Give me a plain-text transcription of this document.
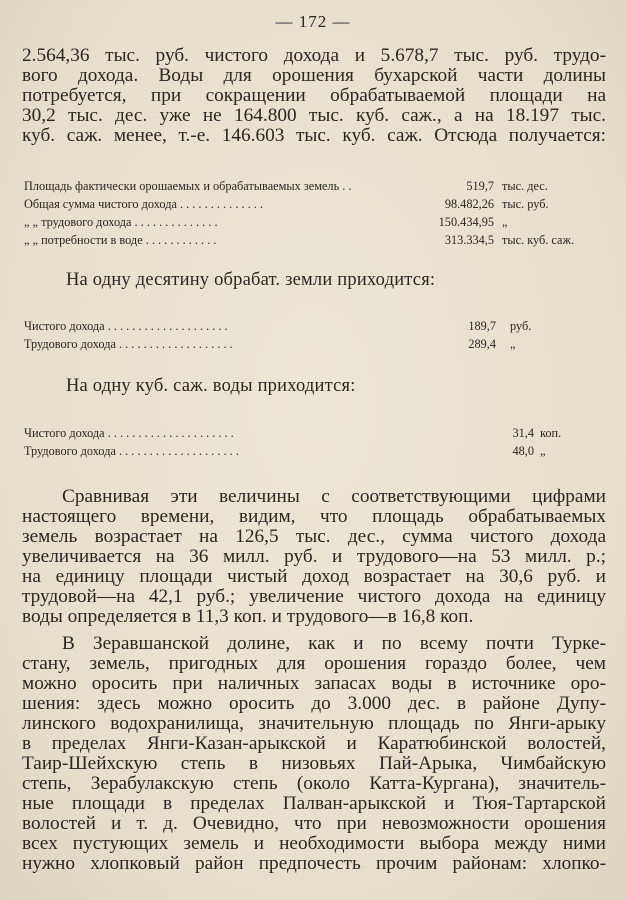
— 172 —
2.564,36 тыс. руб. чистого дохода и 5.678,7 тыс. руб. трудо-
вого дохода. Воды для орошения бухарской части долины
потребуется, при сокращении обрабатываемой площади на
30,2 тыс. дес. уже не 164.800 тыс. куб. саж., а на 18.197 тыс.
куб. саж. менее, т.-е. 146.603 тыс. куб. саж. Отсюда получается:
Площадь фактически орошаемых и обрабатываемых земель . .	519,7 тыс. дес.
Общая сумма чистого дохода . . . . . . . . . . . . . .	98.482,26 тыс. руб.
„ „ трудового дохода . . . . . . . . . . . . . .	150.434,95 „
„ „ потребности в воде . . . . . . . . . . . .	313.334,5 тыс. куб. саж.
На одну десятину обрабат. земли приходится:
Чистого дохода . . . . . . . . . . . . . . . . . . . .	189,7 руб.
Трудового дохода . . . . . . . . . . . . . . . . . . .	289,4 „
На одну куб. саж. воды приходится:
Чистого дохода . . . . . . . . . . . . . . . . . . . . .	31,4 коп.
Трудового дохода . . . . . . . . . . . . . . . . . . . .	48,0 „
Сравнивая эти величины с соответствующими цифрами
настоящего времени, видим, что площадь обрабатываемых
земель возрастает на 126,5 тыс. дес., сумма чистого дохода
увеличивается на 36 милл. руб. и трудового—на 53 милл. р.;
на единицу площади чистый доход возрастает на 30,6 руб. и
трудовой—на 42,1 руб.; увеличение чистого дохода на единицу
воды определяется в 11,3 коп. и трудового—в 16,8 коп.
В Зеравшанской долине, как и по всему почти Турке-
стану, земель, пригодных для орошения гораздо более, чем
можно оросить при наличных запасах воды в источнике оро-
шения: здесь можно оросить до 3.000 дес. в районе Дупу-
линского водохранилища, значительную площадь по Янги-арыку
в пределах Янги-Казан-арыкской и Каратюбинской волостей,
Таир-Шейхскую степь в низовьях Пай-Арыка, Чимбайскую
степь, Зерабулакскую степь (около Катта-Кургана), значитель-
ные площади в пределах Палван-арыкской и Тюя-Тартарской
волостей и т. д. Очевидно, что при невозможности орошения
всех пустующих земель и необходимости выбора между ними
нужно хлопковый район предпочесть прочим районам: хлопко-
